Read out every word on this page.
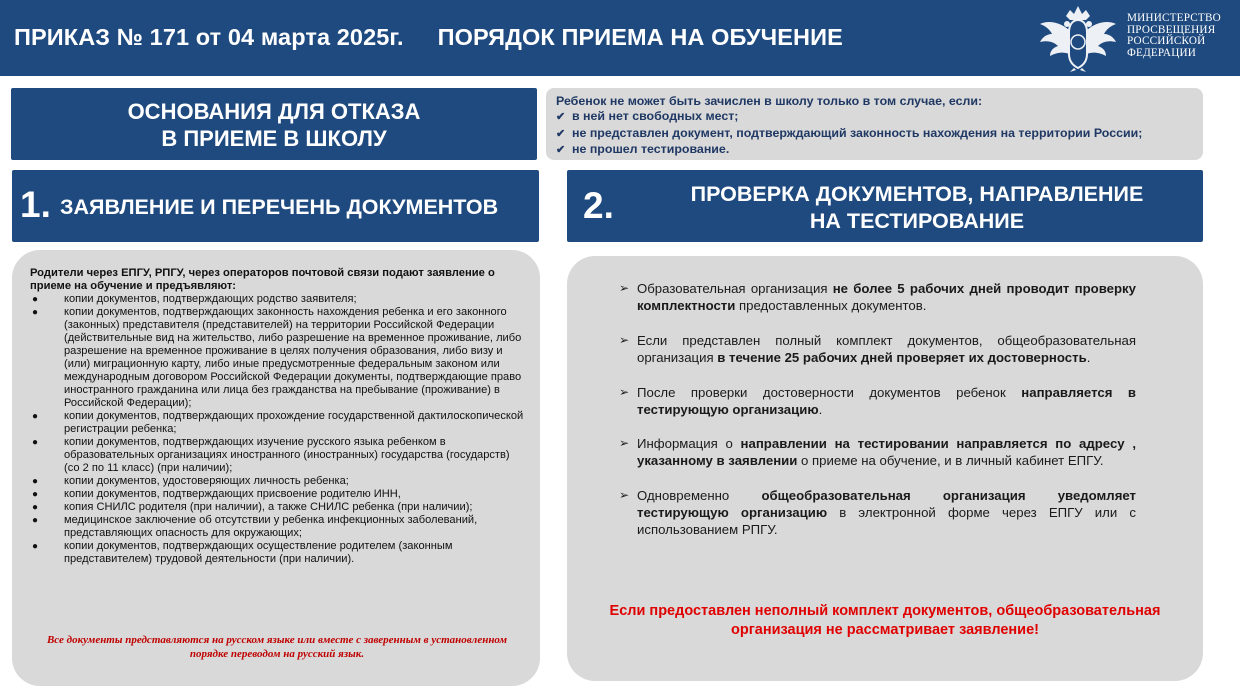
ПРИКАЗ № 171 от 04 марта 2025г. ПОРЯДОК ПРИЕМА НА ОБУЧЕНИЕ
МИНИСТЕРСТВО
ПРОСВЕЩЕНИЯ
РОССИЙСКОЙ
ФЕДЕРАЦИИ
ОСНОВАНИЯ ДЛЯ ОТКАЗА
В ПРИЕМЕ В ШКОЛУ
Ребенок не может быть зачислен в школу только в том случае, если:
✔ в ней нет свободных мест;
✔ не представлен документ, подтверждающий законность нахождения на территории России;
✔ не прошел тестирование.
1. ЗАЯВЛЕНИЕ И ПЕРЕЧЕНЬ ДОКУМЕНТОВ 2.	ПРОВЕРКА ДОКУМЕНТОВ, НАПРАВЛЕНИЕ
НА ТЕСТИРОВАНИЕ
Родители через ЕПГУ, РПГУ, через операторов почтовой связи подают заявление о приеме на обучение и предъявляют:
● копии документов, подтверждающих родство заявителя;
● копии документов, подтверждающих законность нахождения ребенка и его законного (законных) представителя (представителей) на территории Российской Федерации (действительные вид на жительство, либо разрешение на временное проживание, либо разрешение на временное проживание в целях получения образования, либо визу и (или) миграционную карту, либо иные предусмотренные федеральным законом или международным договором Российской Федерации документы, подтверждающие право иностранного гражданина или лица без гражданства на пребывание (проживание) в Российской Федерации);
● копии документов, подтверждающих прохождение государственной дактилоскопической регистрации ребенка;
● копии документов, подтверждающих изучение русского языка ребенком в образовательных организациях иностранного (иностранных) государства (государств) (со 2 по 11 класс) (при наличии);
● копии документов, удостоверяющих личность ребенка;
● копии документов, подтверждающих присвоение родителю ИНН,
● копия СНИЛС родителя (при наличии), а также СНИЛС ребенка (при наличии);
● медицинское заключение об отсутствии у ребенка инфекционных заболеваний, представляющих опасность для окружающих;
● копии документов, подтверждающих осуществление родителем (законным представителем) трудовой деятельности (при наличии).
Все документы представляются на русском языке или вместе с заверенным в установленном порядке переводом на русский язык.
➢ Образовательная организация не более 5 рабочих дней проводит проверку комплектности предоставленных документов.
➢ Если представлен полный комплект документов, общеобразовательная организация в течение 25 рабочих дней проверяет их достоверность.
➢ После проверки достоверности документов ребенок направляется в тестирующую организацию.
➢ Информация о направлении на тестировании направляется по адресу , указанному в заявлении о приеме на обучение, и в личный кабинет ЕПГУ.
➢ Одновременно общеобразовательная организация уведомляет тестирующую организацию в электронной форме через ЕПГУ или с использованием РПГУ.
Если предоставлен неполный комплект документов, общеобразовательная организация не рассматривает заявление!
